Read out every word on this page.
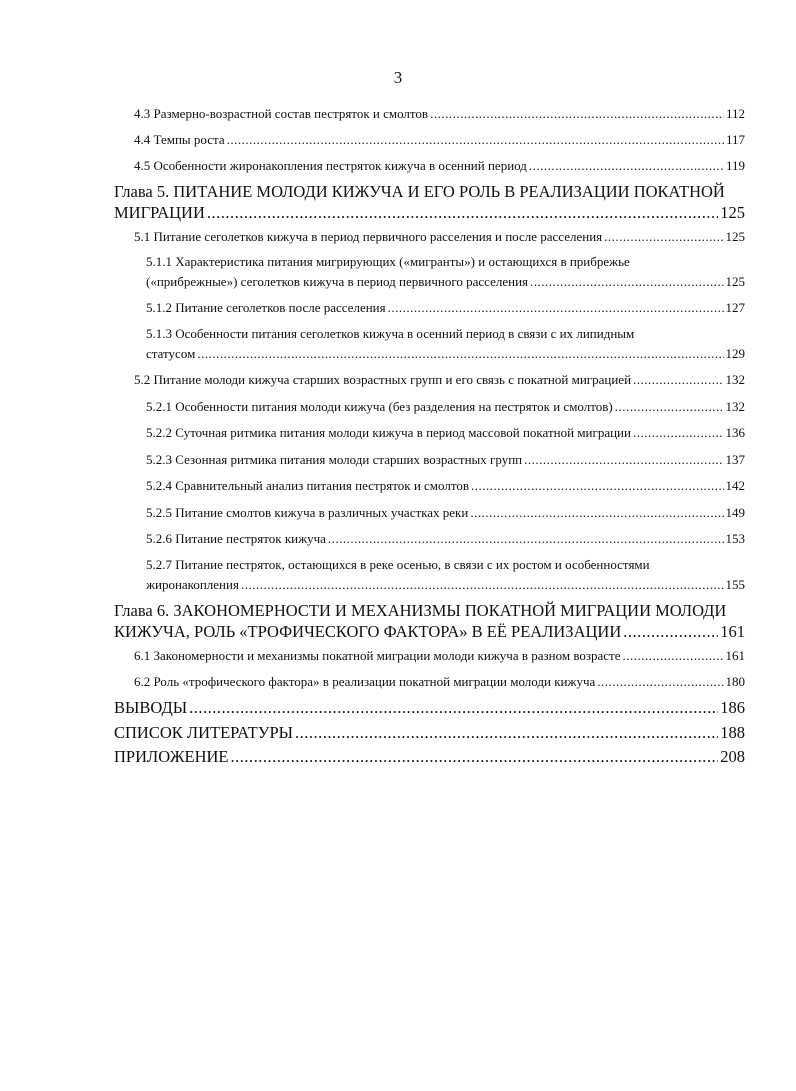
3
4.3 Размерно-возрастной состав пестряток и смолтов .....	112
4.4 Темпы роста .....	117
4.5 Особенности жиронакопления пестряток кижуча в осенний период .....	119
Глава 5. ПИТАНИЕ МОЛОДИ КИЖУЧА И ЕГО РОЛЬ В РЕАЛИЗАЦИИ ПОКАТНОЙ
МИГРАЦИИ .....	125
5.1 Питание сеголетков кижуча в период первичного расселения и после расселения .....	125
5.1.1 Характеристика питания мигрирующих («мигранты») и остающихся в прибрежье
(«прибрежные») сеголетков кижуча в период первичного расселения .....	125
5.1.2 Питание сеголетков после расселения .....	127
5.1.3 Особенности питания сеголетков кижуча в осенний период в связи с их липидным
статусом .....	129
5.2 Питание молоди кижуча старших возрастных групп и его связь с покатной миграцией .....	132
5.2.1 Особенности питания молоди кижуча (без разделения на пестряток и смолтов) .....	132
5.2.2 Суточная ритмика питания молоди кижуча в период массовой покатной миграции .....	136
5.2.3 Сезонная ритмика питания молоди старших возрастных групп .....	137
5.2.4 Сравнительный анализ питания пестряток и смолтов .....	142
5.2.5 Питание смолтов кижуча в различных участках реки .....	149
5.2.6 Питание пестряток кижуча .....	153
5.2.7 Питание пестряток, остающихся в реке осенью, в связи с их ростом и особенностями
жиронакопления .....	155
Глава 6. ЗАКОНОМЕРНОСТИ И МЕХАНИЗМЫ ПОКАТНОЙ МИГРАЦИИ МОЛОДИ
КИЖУЧА, РОЛЬ «ТРОФИЧЕСКОГО ФАКТОРА» В ЕЁ РЕАЛИЗАЦИИ .....	161
6.1 Закономерности и механизмы покатной миграции молоди кижуча в разном возрасте .....	161
6.2 Роль «трофического фактора» в реализации покатной миграции молоди кижуча .....	180
ВЫВОДЫ .....	186
СПИСОК ЛИТЕРАТУРЫ .....	188
ПРИЛОЖЕНИЕ .....	208
